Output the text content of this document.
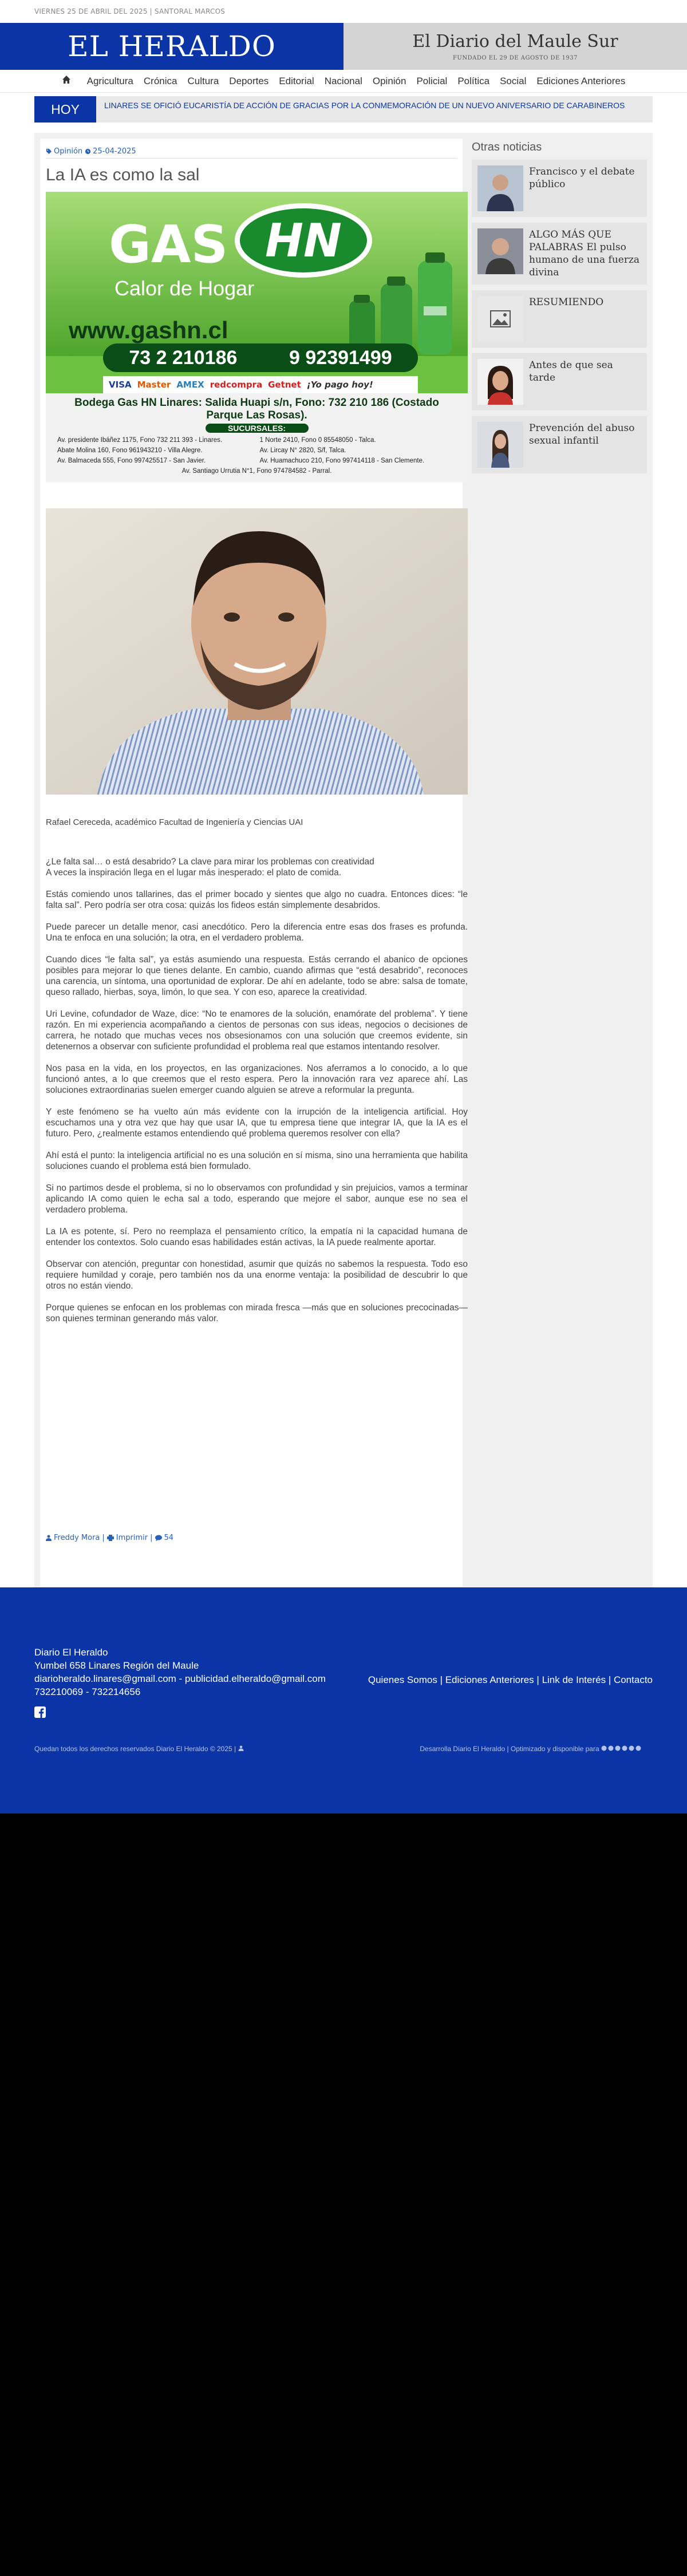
VIERNES 25 DE ABRIL DEL 2025 | SANTORAL MARCOS
EL HERALDO	El Diario del Maule Sur
FUNDADO EL 29 DE AGOSTO DE 1937
Agricultura Crónica Cultura Deportes Editorial Nacional Opinión Policial Política Social Ediciones Anteriores
HOY	LINARES SE OFICIÓ EUCARISTÍA DE ACCIÓN DE GRACIAS POR LA CONMEMORACIÓN DE UN NUEVO ANIVERSARIO DE CARABINEROS
Opinión 25-04-2025
La IA es como la sal
GAS HN
Calor de Hogar
www.gashn.cl
73 2 210186	9 92391499
VISA Master AMEX redcompra Getnet ¡Yo pago hoy!
Bodega Gas HN Linares: Salida Huapi s/n, Fono: 732 210 186 (Costado Parque Las Rosas).
SUCURSALES:
Av. presidente Ibáñez 1175, Fono 732 211 393 - Linares.	1 Norte 2410, Fono 0 85548050 - Talca.
Abate Molina 160, Fono 961943210 - Villa Alegre.	Av. Lircay N° 2820, S/f, Talca.
Av. Balmaceda 555, Fono 997425517 - San Javier.	Av. Huamachuco 210, Fono 997414118 - San Clemente.
Av. Santiago Urrutia N°1, Fono 974784582 - Parral.
Rafael Cereceda, académico Facultad de Ingeniería y Ciencias UAI

¿Le falta sal… o está desabrido? La clave para mirar los problemas con creatividad
A veces la inspiración llega en el lugar más inesperado: el plato de comida.

Estás comiendo unos tallarines, das el primer bocado y sientes que algo no cuadra. Entonces dices: “le falta sal”. Pero podría ser otra cosa: quizás los fideos están simplemente desabridos.

Puede parecer un detalle menor, casi anecdótico. Pero la diferencia entre esas dos frases es profunda. Una te enfoca en una solución; la otra, en el verdadero problema.

Cuando dices “le falta sal”, ya estás asumiendo una respuesta. Estás cerrando el abanico de opciones posibles para mejorar lo que tienes delante. En cambio, cuando afirmas que “está desabrido”, reconoces una carencia, un síntoma, una oportunidad de explorar. De ahí en adelante, todo se abre: salsa de tomate, queso rallado, hierbas, soya, limón, lo que sea. Y con eso, aparece la creatividad.

Uri Levine, cofundador de Waze, dice: “No te enamores de la solución, enamórate del problema”. Y tiene razón. En mi experiencia acompañando a cientos de personas con sus ideas, negocios o decisiones de carrera, he notado que muchas veces nos obsesionamos con una solución que creemos evidente, sin detenernos a observar con suficiente profundidad el problema real que estamos intentando resolver.

Nos pasa en la vida, en los proyectos, en las organizaciones. Nos aferramos a lo conocido, a lo que funcionó antes, a lo que creemos que el resto espera. Pero la innovación rara vez aparece ahí. Las soluciones extraordinarias suelen emerger cuando alguien se atreve a reformular la pregunta.

Y este fenómeno se ha vuelto aún más evidente con la irrupción de la inteligencia artificial. Hoy escuchamos una y otra vez que hay que usar IA, que tu empresa tiene que integrar IA, que la IA es el futuro. Pero, ¿realmente estamos entendiendo qué problema queremos resolver con ella?

Ahí está el punto: la inteligencia artificial no es una solución en sí misma, sino una herramienta que habilita soluciones cuando el problema está bien formulado.

Si no partimos desde el problema, si no lo observamos con profundidad y sin prejuicios, vamos a terminar aplicando IA como quien le echa sal a todo, esperando que mejore el sabor, aunque ese no sea el verdadero problema.

La IA es potente, sí. Pero no reemplaza el pensamiento crítico, la empatía ni la capacidad humana de entender los contextos. Solo cuando esas habilidades están activas, la IA puede realmente aportar.

Observar con atención, preguntar con honestidad, asumir que quizás no sabemos la respuesta. Todo eso requiere humildad y coraje, pero también nos da una enorme ventaja: la posibilidad de descubrir lo que otros no están viendo.

Porque quienes se enfocan en los problemas con mirada fresca —más que en soluciones precocinadas— son quienes terminan generando más valor.

Freddy Mora | Imprimir | 54
Otras noticias
Francisco y el debate público
ALGO MÁS QUE PALABRAS El pulso humano de una fuerza divina
RESUMIENDO
Antes de que sea tarde
Prevención del abuso sexual infantil
Diario El Heraldo
Yumbel 658 Linares Región del Maule
diarioheraldo.linares@gmail.com - publicidad.elheraldo@gmail.com
732210069 - 732214656
Quienes Somos | Ediciones Anteriores | Link de Interés | Contacto
Quedan todos los derechos reservados Diario El Heraldo © 2025 |	Desarrolla Diario El Heraldo | Optimizado y disponible para
